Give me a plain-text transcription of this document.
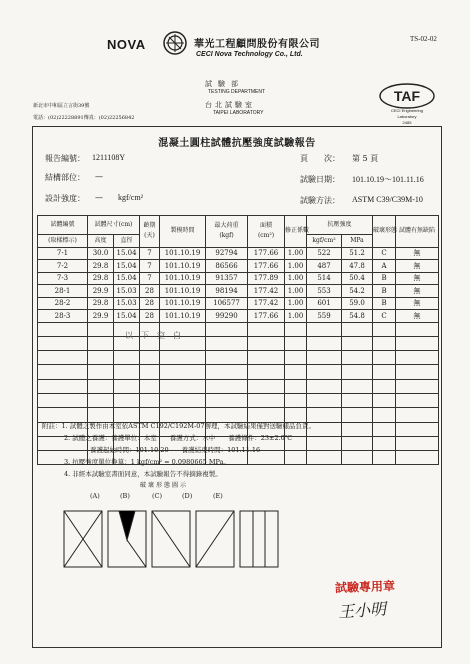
TS-02-02
NOVA	華光工程顧問股份有限公司
CECI Nova Technology Co., Ltd.
試驗部
TESTING DEPARTMENT
台北試驗室
TAIPEI LABORATORY
新北市中和區立言街39號
電話：(02)22228891傳真：(02)22256842
TAF
CECI Engineering
Laboratory
2485
混凝土圓柱試體抗壓強度試驗報告
報告編號： 1211108Y	頁　　次： 第 5 頁
結構部位： —	試驗日期： 101.10.19～101.11.16
設計強度： — kgf/cm²	試驗方法： ASTM C39/C39M-10
試體編號	試體尺寸(cm)		齡期
(天)	製模時間	最大荷重
(kgf)	面積
(cm²)	修正係數	抗壓強度		破壞形態	試體有無缺陷
(取樣標示)	高度	直徑						kgf/cm²	MPa		
7-1	30.0	15.04	7	101.10.19	92794	177.66	1.00	522	51.2	C	無
7-2	29.8	15.04	7	101.10.19	86566	177.66	1.00	487	47.8	A	無
7-3	29.8	15.04	7	101.10.19	91357	177.89	1.00	514	50.4	B	無
28-1	29.9	15.03	28	101.10.19	98194	177.42	1.00	553	54.2	B	無
28-2	29.8	15.03	28	101.10.19	106577	177.42	1.00	601	59.0	B	無
28-3	29.9	15.04	28	101.10.19	99290	177.66	1.00	559	54.8	C	無

以下空白
附註：1. 試體之製作由本室依ASTM C192/C192M-07辦理，本試驗結果僅對送驗樣品負責。
2. 試體之養護：養護單位：本室　　養護方式：水中　　養護條件：23±2.0℃
養護起始時間：101.10.20　　養護結束時間：101.11.16
3. 抗壓強度單位換算：1 kgf/cm² = 0.0980665 MPa。
4. 非經本試驗室書面同意，本試驗報告不得摘錄複製。
破壞形態圖示
(A)	(B)	(C)	(D)	(E)
試驗專用章
王小明
